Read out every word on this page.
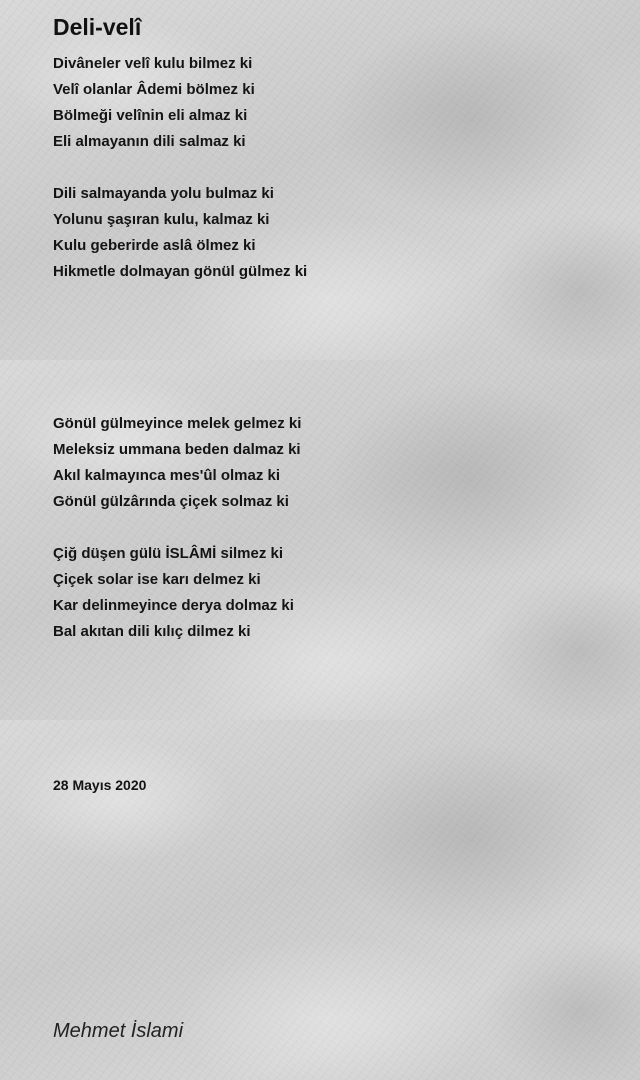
Deli-velî
Divâneler velî kulu bilmez ki
Velî olanlar Âdemi bölmez ki
Bölmeği velînin eli almaz ki
Eli almayanın dili salmaz ki
Dili salmayanda yolu bulmaz ki
Yolunu şaşıran kulu, kalmaz ki
Kulu geberirde aslâ ölmez ki
Hikmetle dolmayan gönül gülmez ki
Gönül gülmeyince melek gelmez ki
Meleksiz ummana beden dalmaz ki
Akıl kalmayınca mes'ûl olmaz ki
Gönül gülzârında çiçek solmaz ki
Çiğ düşen gülü İSLÂMİ silmez ki
Çiçek solar ise karı delmez ki
Kar delinmeyince derya dolmaz ki
Bal akıtan dili kılıç dilmez ki
28 Mayıs 2020
Mehmet İslami
